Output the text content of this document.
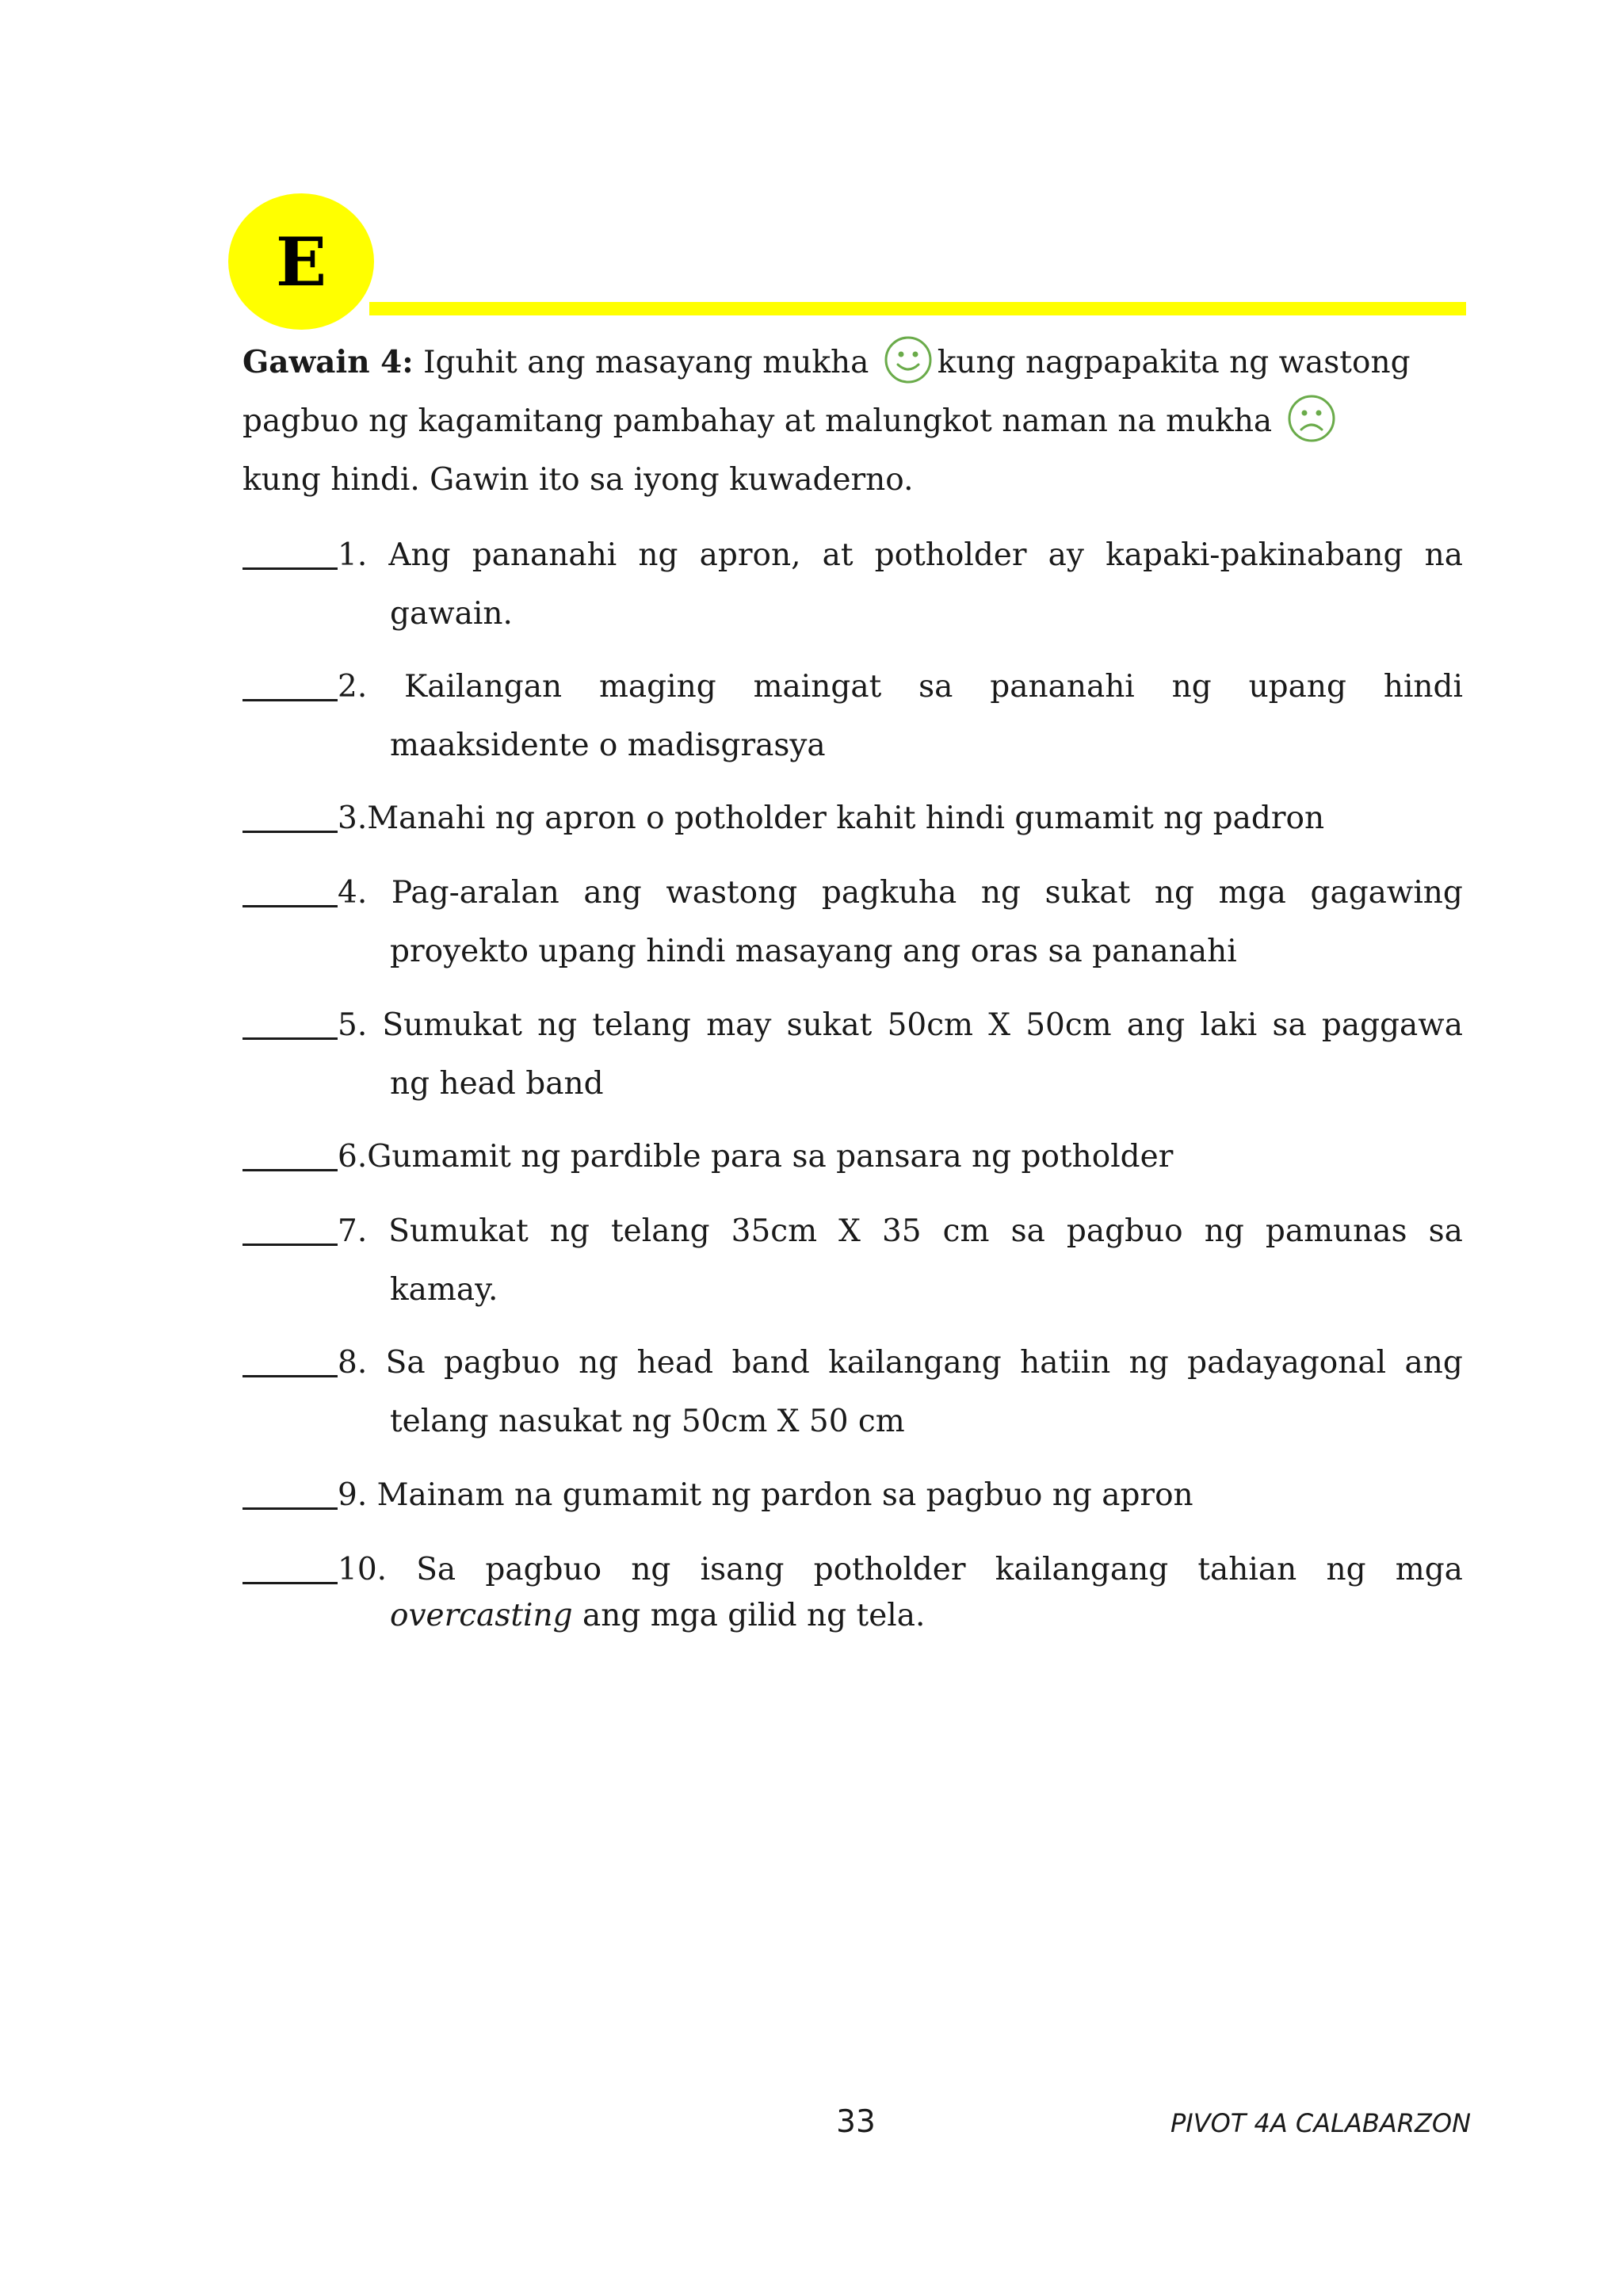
E
Gawain 4: Iguhit ang masayang mukha kung nagpapakita ng wastong pagbuo ng kagamitang pambahay at malungkot naman na mukha
kung hindi. Gawin ito sa iyong kuwaderno.
1. Ang pananahi ng apron, at potholder ay kapaki-pakinabang na
gawain.
2. Kailangan maging maingat sa pananahi ng upang hindi
maaksidente o madisgrasya
3.Manahi ng apron o potholder kahit hindi gumamit ng padron
4. Pag-aralan ang wastong pagkuha ng sukat ng mga gagawing
proyekto upang hindi masayang ang oras sa pananahi
5. Sumukat ng telang may sukat 50cm X 50cm ang laki sa paggawa
ng head band
6.Gumamit ng pardible para sa pansara ng potholder
7. Sumukat ng telang 35cm X 35 cm sa pagbuo ng pamunas sa
kamay.
8. Sa pagbuo ng head band kailangang hatiin ng padayagonal ang
telang nasukat ng 50cm X 50 cm
9. Mainam na gumamit ng pardon sa pagbuo ng apron
10. Sa pagbuo ng isang potholder kailangang tahian ng mga
overcasting ang mga gilid ng tela.
33	PIVOT 4A CALABARZON
